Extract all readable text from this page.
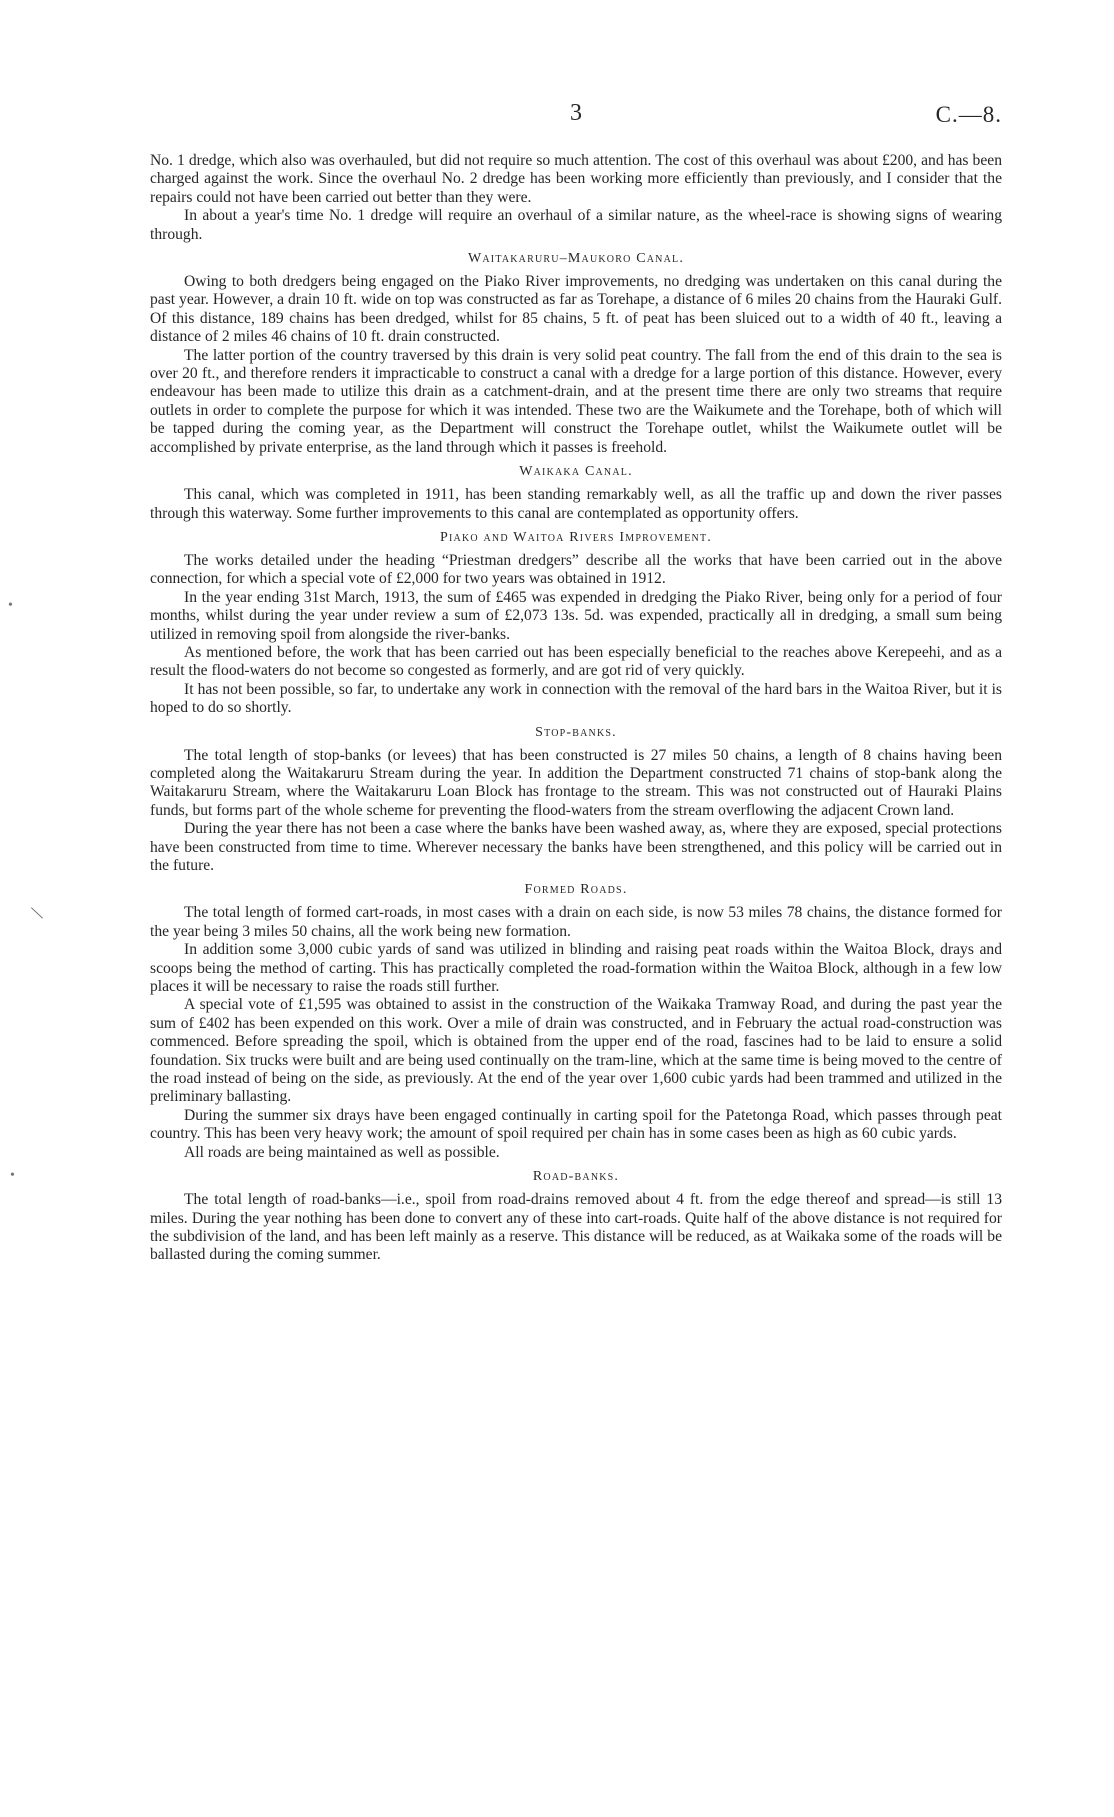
3	C.—8.

No. 1 dredge, which also was overhauled, but did not require so much attention. The cost of this overhaul was about £200, and has been charged against the work. Since the overhaul No. 2 dredge has been working more efficiently than previously, and I consider that the repairs could not have been carried out better than they were.

In about a year's time No. 1 dredge will require an overhaul of a similar nature, as the wheel-race is showing signs of wearing through.

Waitakaruru–Maukoro Canal.

Owing to both dredgers being engaged on the Piako River improvements, no dredging was undertaken on this canal during the past year. However, a drain 10 ft. wide on top was constructed as far as Torehape, a distance of 6 miles 20 chains from the Hauraki Gulf. Of this distance, 189 chains has been dredged, whilst for 85 chains, 5 ft. of peat has been sluiced out to a width of 40 ft., leaving a distance of 2 miles 46 chains of 10 ft. drain constructed.

The latter portion of the country traversed by this drain is very solid peat country. The fall from the end of this drain to the sea is over 20 ft., and therefore renders it impracticable to construct a canal with a dredge for a large portion of this distance. However, every endeavour has been made to utilize this drain as a catchment-drain, and at the present time there are only two streams that require outlets in order to complete the purpose for which it was intended. These two are the Waikumete and the Torehape, both of which will be tapped during the coming year, as the Department will construct the Torehape outlet, whilst the Waikumete outlet will be accomplished by private enterprise, as the land through which it passes is freehold.

Waikaka Canal.

This canal, which was completed in 1911, has been standing remarkably well, as all the traffic up and down the river passes through this waterway. Some further improvements to this canal are contemplated as opportunity offers.

Piako and Waitoa Rivers Improvement.

The works detailed under the heading “Priestman dredgers” describe all the works that have been carried out in the above connection, for which a special vote of £2,000 for two years was obtained in 1912.

In the year ending 31st March, 1913, the sum of £465 was expended in dredging the Piako River, being only for a period of four months, whilst during the year under review a sum of £2,073 13s. 5d. was expended, practically all in dredging, a small sum being utilized in removing spoil from alongside the river-banks.

As mentioned before, the work that has been carried out has been especially beneficial to the reaches above Kerepeehi, and as a result the flood-waters do not become so congested as formerly, and are got rid of very quickly.

It has not been possible, so far, to undertake any work in connection with the removal of the hard bars in the Waitoa River, but it is hoped to do so shortly.

Stop-banks.

The total length of stop-banks (or levees) that has been constructed is 27 miles 50 chains, a length of 8 chains having been completed along the Waitakaruru Stream during the year. In addition the Department constructed 71 chains of stop-bank along the Waitakaruru Stream, where the Waitakaruru Loan Block has frontage to the stream. This was not constructed out of Hauraki Plains funds, but forms part of the whole scheme for preventing the flood-waters from the stream overflowing the adjacent Crown land.

During the year there has not been a case where the banks have been washed away, as, where they are exposed, special protections have been constructed from time to time. Wherever necessary the banks have been strengthened, and this policy will be carried out in the future.

Formed Roads.

The total length of formed cart-roads, in most cases with a drain on each side, is now 53 miles 78 chains, the distance formed for the year being 3 miles 50 chains, all the work being new formation.

In addition some 3,000 cubic yards of sand was utilized in blinding and raising peat roads within the Waitoa Block, drays and scoops being the method of carting. This has practically completed the road-formation within the Waitoa Block, although in a few low places it will be necessary to raise the roads still further.

A special vote of £1,595 was obtained to assist in the construction of the Waikaka Tramway Road, and during the past year the sum of £402 has been expended on this work. Over a mile of drain was constructed, and in February the actual road-construction was commenced. Before spreading the spoil, which is obtained from the upper end of the road, fascines had to be laid to ensure a solid foundation. Six trucks were built and are being used continually on the tram-line, which at the same time is being moved to the centre of the road instead of being on the side, as previously. At the end of the year over 1,600 cubic yards had been trammed and utilized in the preliminary ballasting.

During the summer six drays have been engaged continually in carting spoil for the Patetonga Road, which passes through peat country. This has been very heavy work; the amount of spoil required per chain has in some cases been as high as 60 cubic yards.

All roads are being maintained as well as possible.

Road-banks.

The total length of road-banks—i.e., spoil from road-drains removed about 4 ft. from the edge thereof and spread—is still 13 miles. During the year nothing has been done to convert any of these into cart-roads. Quite half of the above distance is not required for the subdivision of the land, and has been left mainly as a reserve. This distance will be reduced, as at Waikaka some of the roads will be ballasted during the coming summer.

•
\
•
